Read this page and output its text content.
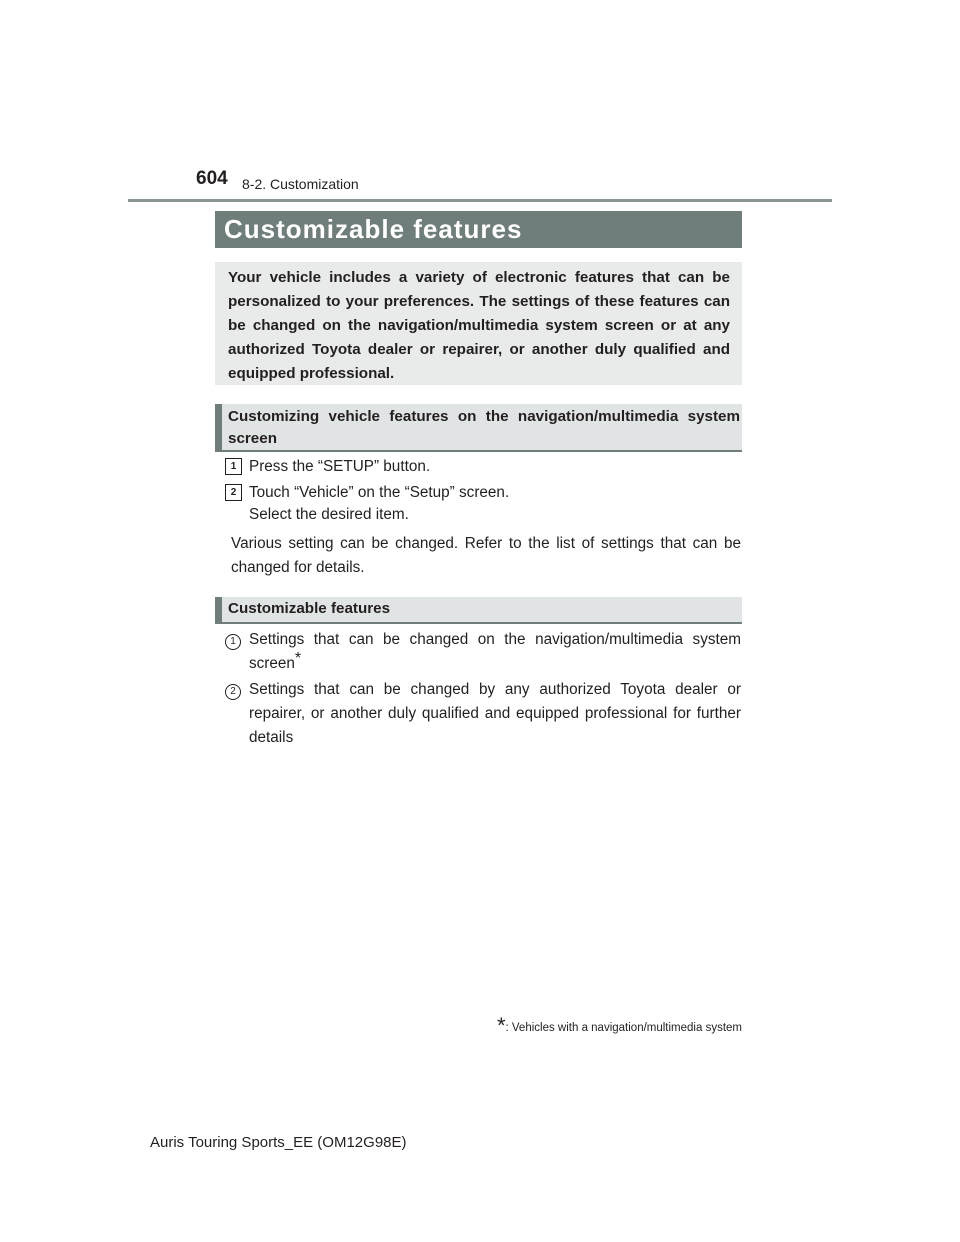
604 8-2. Customization
Customizable features
Your vehicle includes a variety of electronic features that can be personalized to your preferences. The settings of these features can be changed on the navigation/multimedia system screen or at any authorized Toyota dealer or repairer, or another duly qualified and equipped professional.
Customizing vehicle features on the navigation/multimedia system screen
1 Press the “SETUP” button.
2 Touch “Vehicle” on the “Setup” screen.
Select the desired item.
Various setting can be changed. Refer to the list of settings that can be changed for details.
Customizable features
1 Settings that can be changed on the navigation/multimedia system screen*
2 Settings that can be changed by any authorized Toyota dealer or repairer, or another duly qualified and equipped professional for further details
*: Vehicles with a navigation/multimedia system
Auris Touring Sports_EE (OM12G98E)
